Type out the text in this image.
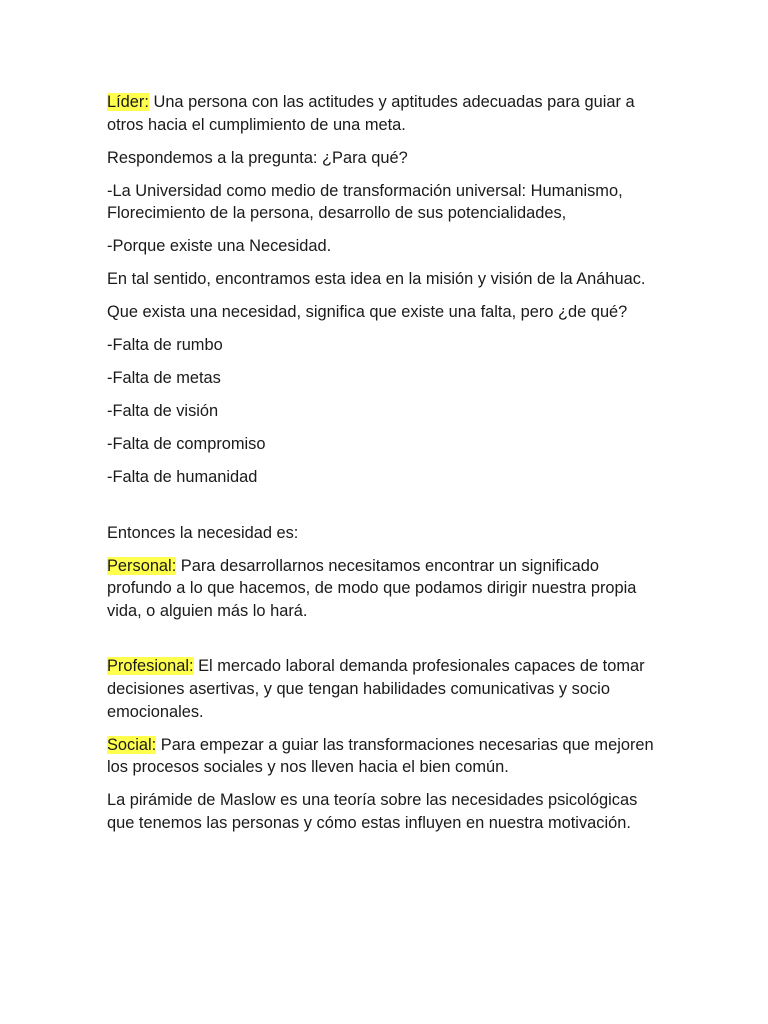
Líder: Una persona con las actitudes y aptitudes adecuadas para guiar a otros hacia el cumplimiento de una meta.

Respondemos a la pregunta: ¿Para qué?

-La Universidad como medio de transformación universal: Humanismo, Florecimiento de la persona, desarrollo de sus potencialidades,

-Porque existe una Necesidad.

En tal sentido, encontramos esta idea en la misión y visión de la Anáhuac.

Que exista una necesidad, significa que existe una falta, pero ¿de qué?

-Falta de rumbo

-Falta de metas

-Falta de visión

-Falta de compromiso

-Falta de humanidad

Entonces la necesidad es:

Personal: Para desarrollarnos necesitamos encontrar un significado profundo a lo que hacemos, de modo que podamos dirigir nuestra propia vida, o alguien más lo hará.

Profesional: El mercado laboral demanda profesionales capaces de tomar decisiones asertivas, y que tengan habilidades comunicativas y socio emocionales.

Social: Para empezar a guiar las transformaciones necesarias que mejoren los procesos sociales y nos lleven hacia el bien común.

La pirámide de Maslow es una teoría sobre las necesidades psicológicas que tenemos las personas y cómo estas influyen en nuestra motivación.
